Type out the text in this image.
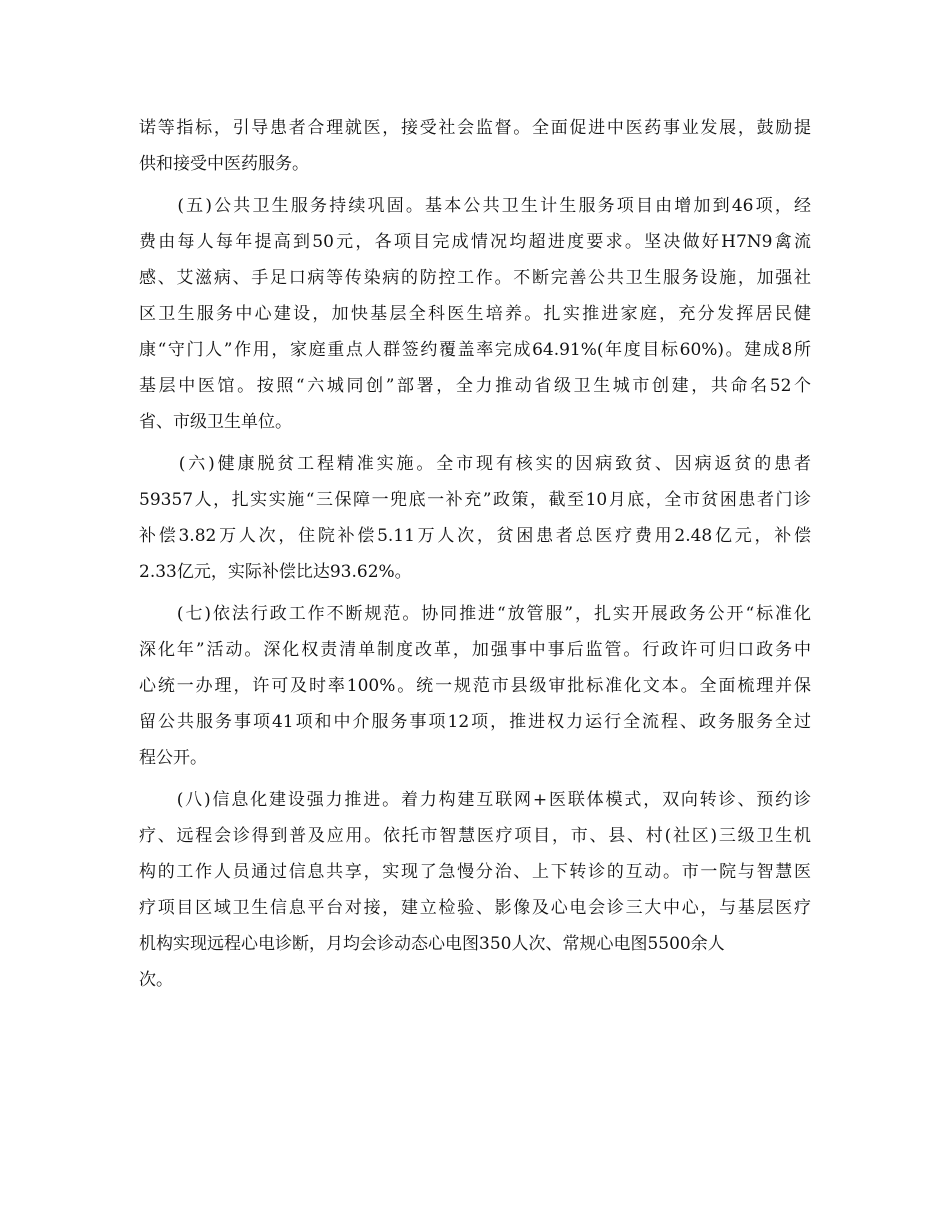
诺等指标，引导患者合理就医，接受社会监督。全面促进中医药事业发展，鼓励提
供和接受中医药服务。
　　(五)公共卫生服务持续巩固。基本公共卫生计生服务项目由增加到46项，经
费由每人每年提高到50元，各项目完成情况均超进度要求。坚决做好H7N9禽流
感、艾滋病、手足口病等传染病的防控工作。不断完善公共卫生服务设施，加强社
区卫生服务中心建设，加快基层全科医生培养。扎实推进家庭，充分发挥居民健
康“守门人”作用，家庭重点人群签约覆盖率完成64.91%(年度目标60%)。建成8所
基层中医馆。按照“六城同创”部署，全力推动省级卫生城市创建，共命名52个
省、市级卫生单位。
　　(六)健康脱贫工程精准实施。全市现有核实的因病致贫、因病返贫的患者
59357人，扎实实施“三保障一兜底一补充”政策，截至10月底，全市贫困患者门诊
补偿3.82万人次，住院补偿5.11万人次，贫困患者总医疗费用2.48亿元，补偿
2.33亿元，实际补偿比达93.62%。
　　(七)依法行政工作不断规范。协同推进“放管服”，扎实开展政务公开“标准化
深化年”活动。深化权责清单制度改革，加强事中事后监管。行政许可归口政务中
心统一办理，许可及时率100%。统一规范市县级审批标准化文本。全面梳理并保
留公共服务事项41项和中介服务事项12项，推进权力运行全流程、政务服务全过
程公开。
　　(八)信息化建设强力推进。着力构建互联网+医联体模式，双向转诊、预约诊
疗、远程会诊得到普及应用。依托市智慧医疗项目，市、县、村(社区)三级卫生机
构的工作人员通过信息共享，实现了急慢分治、上下转诊的互动。市一院与智慧医
疗项目区域卫生信息平台对接，建立检验、影像及心电会诊三大中心，与基层医疗
机构实现远程心电诊断，月均会诊动态心电图350人次、常规心电图5500余人
次。
